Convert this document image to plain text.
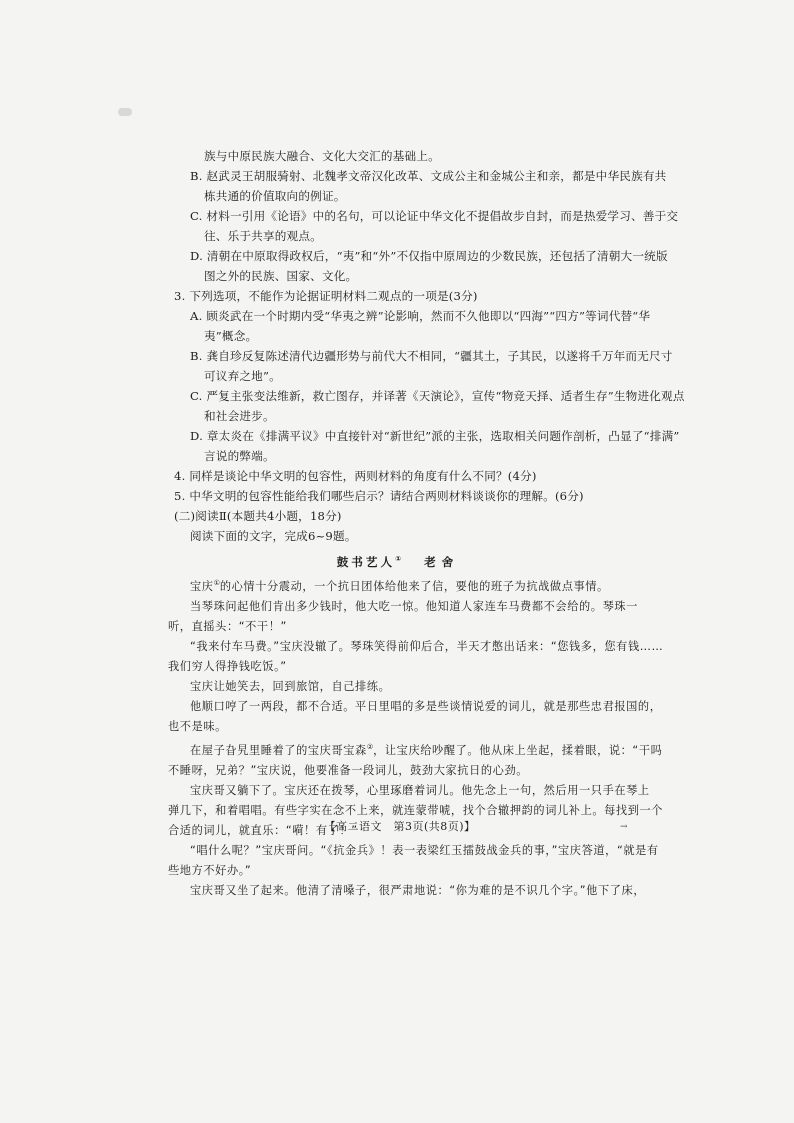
族与中原民族大融合、文化大交汇的基础上。
B. 赵武灵王胡服骑射、北魏孝文帝汉化改革、文成公主和金城公主和亲，都是中华民族有共
栋共通的价值取向的例证。
C. 材料一引用《论语》中的名句，可以论证中华文化不提倡故步自封，而是热爱学习、善于交
往、乐于共享的观点。
D. 清朝在中原取得政权后，“夷”和“外”不仅指中原周边的少数民族，还包括了清朝大一统版
图之外的民族、国家、文化。
3. 下列选项，不能作为论据证明材料二观点的一项是(3分)
A. 顾炎武在一个时期内受“华夷之辨”论影响，然而不久他即以“四海”“四方”等词代替“华
夷”概念。
B. 龚自珍反复陈述清代边疆形势与前代大不相同，“疆其土，子其民，以遂将千万年而无尺寸
可议弃之地”。
C. 严复主张变法维新，救亡图存，并译著《天演论》，宣传“物竞天择、适者生存”生物进化观点
和社会进步。
D. 章太炎在《排满平议》中直接针对“新世纪”派的主张，选取相关问题作剖析，凸显了“排满”
言说的弊端。
4. 同样是谈论中华文明的包容性，两则材料的角度有什么不同？(4分)
5. 中华文明的包容性能给我们哪些启示？请结合两则材料谈谈你的理解。(6分)
(二)阅读Ⅱ(本题共4小题，18分)
阅读下面的文字，完成6~9题。
鼓书艺人① 老舍
宝庆①的心情十分震动，一个抗日团体给他来了信，要他的班子为抗战做点事情。
当琴珠问起他们肯出多少钱时，他大吃一惊。他知道人家连车马费都不会给的。琴珠一
听，直摇头：“不干！”
“我来付车马费。”宝庆没辙了。琴珠笑得前仰后合，半天才憋出话来：“您钱多，您有钱……
我们穷人得挣钱吃饭。”
宝庆让她笑去，回到旅馆，自己排练。
他顺口哼了一两段，都不合适。平日里唱的多是些谈情说爱的词儿，就是那些忠君报国的，
也不是味。
在屋子旮旯里睡着了的宝庆哥宝森②，让宝庆给吵醒了。他从床上坐起，揉着眼，说：“干吗
不睡呀，兄弟？”宝庆说，他要准备一段词儿，鼓劲大家抗日的心劲。
宝庆哥又躺下了。宝庆还在拨琴，心里琢磨着词儿。他先念上一句，然后用一只手在琴上
弹几下，和着唱唱。有些字实在念不上来，就连蒙带唬，找个合辙押韵的词儿补上。每找到一个
合适的词儿，就直乐：“嗬！有了！”
“唱什么呢？”宝庆哥问。“《抗金兵》！表一表梁红玉擂鼓战金兵的事，”宝庆答道，“就是有
些地方不好办。”
宝庆哥又坐了起来。他清了清嗓子，很严肃地说：“你为难的是不识几个字。”他下了床，
【高二语文　第3页(共8页)】	→
